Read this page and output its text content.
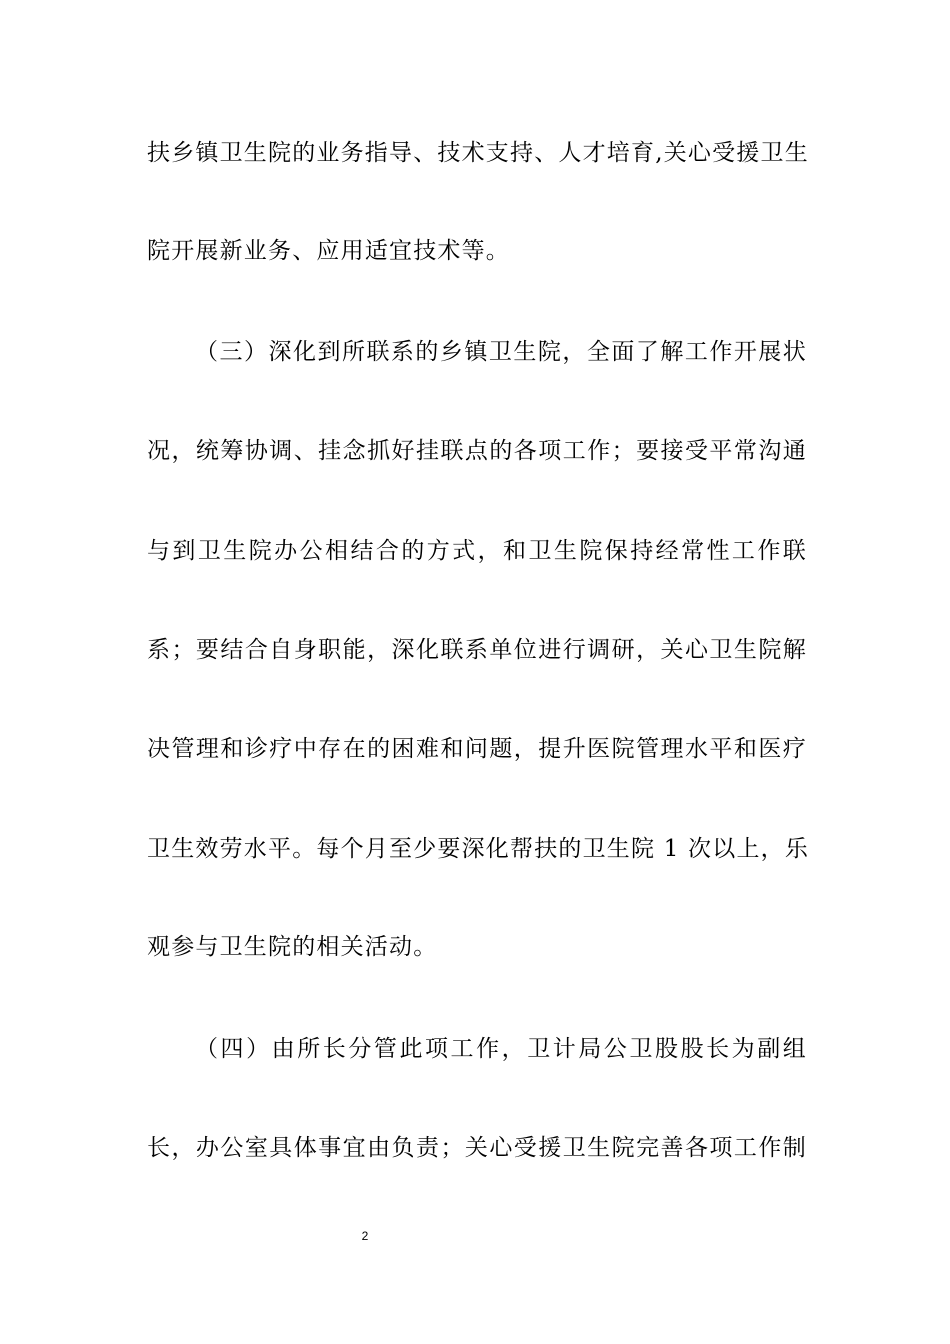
扶乡镇卫生院的业务指导、技术支持、人才培育,关心受援卫生
院开展新业务、应用适宜技术等。
（三）深化到所联系的乡镇卫生院，全面了解工作开展状
况，统筹协调、挂念抓好挂联点的各项工作；要接受平常沟通
与到卫生院办公相结合的方式，和卫生院保持经常性工作联
系；要结合自身职能，深化联系单位进行调研，关心卫生院解
决管理和诊疗中存在的困难和问题，提升医院管理水平和医疗
卫生效劳水平。每个月至少要深化帮扶的卫生院 1 次以上，乐
观参与卫生院的相关活动。
（四）由所长分管此项工作，卫计局公卫股股长为副组
长，办公室具体事宜由负责；关心受援卫生院完善各项工作制
2
